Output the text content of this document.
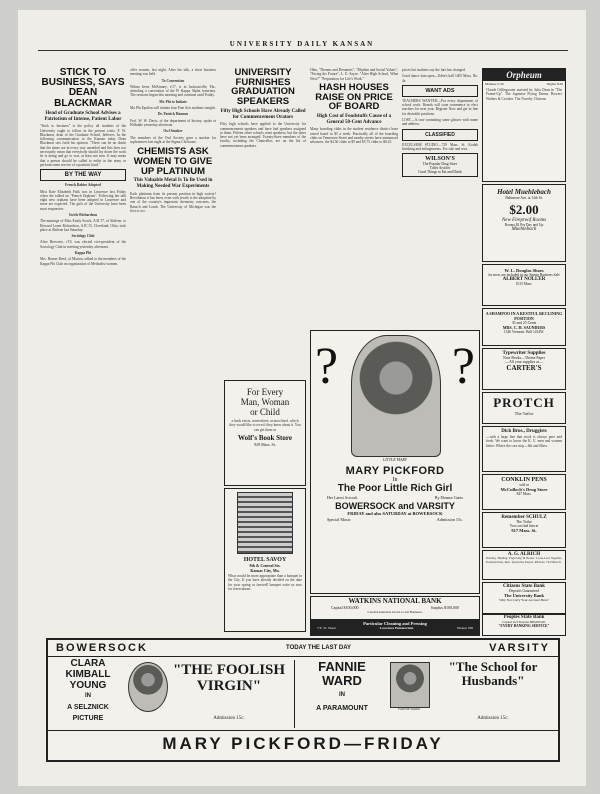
UNIVERSITY DAILY KANSAN
STICK TO BUSINESS, SAYS DEAN BLACKMAR
Head of Graduate School Advises a Patriotism of Intense, Patient Labor

"Stick to business" is the policy all students of the University ought to follow in the present crisis, F. W. Blackmar, dean of the Graduate School, believes. In the following communication to the Kansan today Dean Blackmar sets forth his opinion. "There can be no doubt that the times are in every way unsettled and this does not necessarily mean that everybody should lay down the work he is doing and go to war, at least not now. It may mean that a person should be called to enlist in the army or perform some service of a patriotic kind."

BY THE WAY

French Babies Adopted

Miss Kate Elizabeth Falls was in Lawrence last Friday when she talked on "French Orphans". Following her talk eight new orphans have been adopted in Lawrence and more are expected. The girls of the University have been most responsive.

Swick-Richardson

The marriage of Miss Emily Swick, A.B.'17, of Abilene, to Howard Loren Richardson, A.B.'15, Cleveland, Ohio, took place at Abilene last Saturday.

Sociology Club

Alice Brewster, c'19, was elected vice-president of the Sociology Club in meeting yesterday afternoon.

Kappa Phi

Mrs. Homer Reed, of Marion, talked to the members of the Kappa Phi Club on organization of Methodist women.

offer women, last night. After the talk, a short business meeting was held.

To Convention

Wilma Irene McKinney, e'17, is in Jacksonville, Fla., attending a convention of the Pi Kappa Alpha fraternity. The sessions began this morning and continue until Friday.

Mr. Phi to Initiate

Mu Phi Epsilon will initiate four Fine Arts students tonight.

Dr. Patrick Hannon

Prof. W. W. Davis, of the department of history, spoke at Hillsdale yesterday afternoon.

Owl Smoker

The members of the Owl Society gave a smoker for sophomores last night at the Sigma Chi house.

CHEMISTS ASK WOMEN TO GIVE UP PLATINUM
This Valuable Metal Is To Be Used in Making Needed War Experiments

Each platinum from its present position in high society! Revolution it has been, even with jewels is the adoption by one of the country's important chemistry concerns, the Bausch and Lomb. The University of Michigan was the first to act.

UNIVERSITY FURNISHES GRADUATION SPEAKERS
Fifty High Schools Have Already Called for Commencement Orators

Fifty high schools have applied to the University for commencement speakers and have had speakers assigned to them. Fifteen other schools want speakers, but the dates have not yet been arranged. Twenty-three members of the faculty, including the Chancellor, are on the list of commencement speakers.

For Every
Man, Woman
or Child
a book exists, somewhere, at most kind, which they would like to own if they knew about it. You can get them at
Wolf's Book Store
929 Mass. St.
HOTEL SAVOY
9th & Central Sts.
Kansas City, Mo.
What would be more appropriate than a banquet in the City. If you have already decided on the date for your spring or farewell banquet write us now for reservations.

Ohio, "Dreams and Dreamers"; "Rhythm and Social Values"; "Facing the Future"; L. E. Sayre: "After High School, What Next?" "Preparation for Life's Work."

HASH HOUSES RAISE ON PRICE OF BOARD
High Cost of Foodstuffs Cause of a General 50-Cent Advance

Many boarding clubs in the student residence district have raised board to $5 a week. Practically all of the boarding clubs on Tennessee Street and nearby streets have announced advances, the $4.50 clubs to $5 and $5.75 clubs to $6.25.

prices but students say the fare has changed.

Good dance data open—Eden's hall 1405 Mass. No. 4a.

WANT ADS

TEACHERS WANTED—For every department of school work. Boards will soon commence to elect teachers for next year. Register Now and get in line for desirable positions.

LOST—A case containing some glasses with name and address.

CLASSIFIED

EXCELSIOR STUDIO—729 Mass. St. Kodak finishing and enlargements. For sale and rent.

WILSON'S
The Popular Drug Store
Toilet Articles
Good Things to Eat and Drink
Orpheum
Matinee 2:30	Nights 8:20
Claude Gillingwater assisted by Julia Dean in "The Frame-Up". The Japanese Flying Dunns. Bowers Walters & Crooker. The Novelty Clintons.
Hotel Muehlebach
Baltimore Ave. at 12th St.
$2.00
New Fireproof Rooms
Rooms $2 Per Day and Up
Muehlebach
W. L. Douglas Shoes
for men, are included in our Spring Business Sale
ALBERT NOLLER
1015 Mass.
A SHAMPOO IN A RESTFUL RECLINING POSITION
35 and 25 Cents
MRS. C. H. SAUNDERS
1346 Vermont. Bell 1414W.
Typewriter Supplies
Note Books—Theme Paper
—All your supplies at—
CARTER'S
PROTCH
The Tailor
Dick Bros., Druggists
—with a large line that stock is always pure and fresh. We want to know the K. U. men and women better. Where the cars stop—6th and Mass.
CONKLIN PENS
sold at
McCulloch's Drug Store
847 Mass.
Remember SCHULZ
The Tailor
You can find him at
917 Mass. St.
A. G. ALRICH
Printing, Binding, Engraving & Books, Loose-Leaf Supplies, Fountain Pens, Inks, Typewriter Papers, Ribbons. 744 Mass St.
Citizens State Bank
Deposits Guaranteed
The University Bank
Why Not Carry Your Account Here?
Peoples State Bank
Capital and Surplus $88,000.00.
"EVERY BANKING SERVICE"
? ?
LITTLE MARY
MARY PICKFORD
In
The Poor Little Rich Girl
Her Latest Artcraft.	By Eleanor Gates
BOWERSOCK and VARSITY
FRIDAY and also SATURDAY at BOWERSOCK
Special Music	Admission 15c.
WATKINS NATIONAL BANK
Capital $100,000	Surplus $100,000
Careful Attention Given to All Business.
Particular Cleaning and Pressing
7 E. W. Street	Lawrence Pantatorium	Phones 508
BOWERSOCK	TODAY THE LAST DAY	VARSITY
CLARA KIMBALL YOUNG
IN
A SELZNICK PICTURE
"THE FOOLISH VIRGIN"
Admission 15c.
FANNIE WARD
IN
A PARAMOUNT	FANNIE WARD
"The School for Husbands"
Admission 15c.
MARY PICKFORD—FRIDAY
